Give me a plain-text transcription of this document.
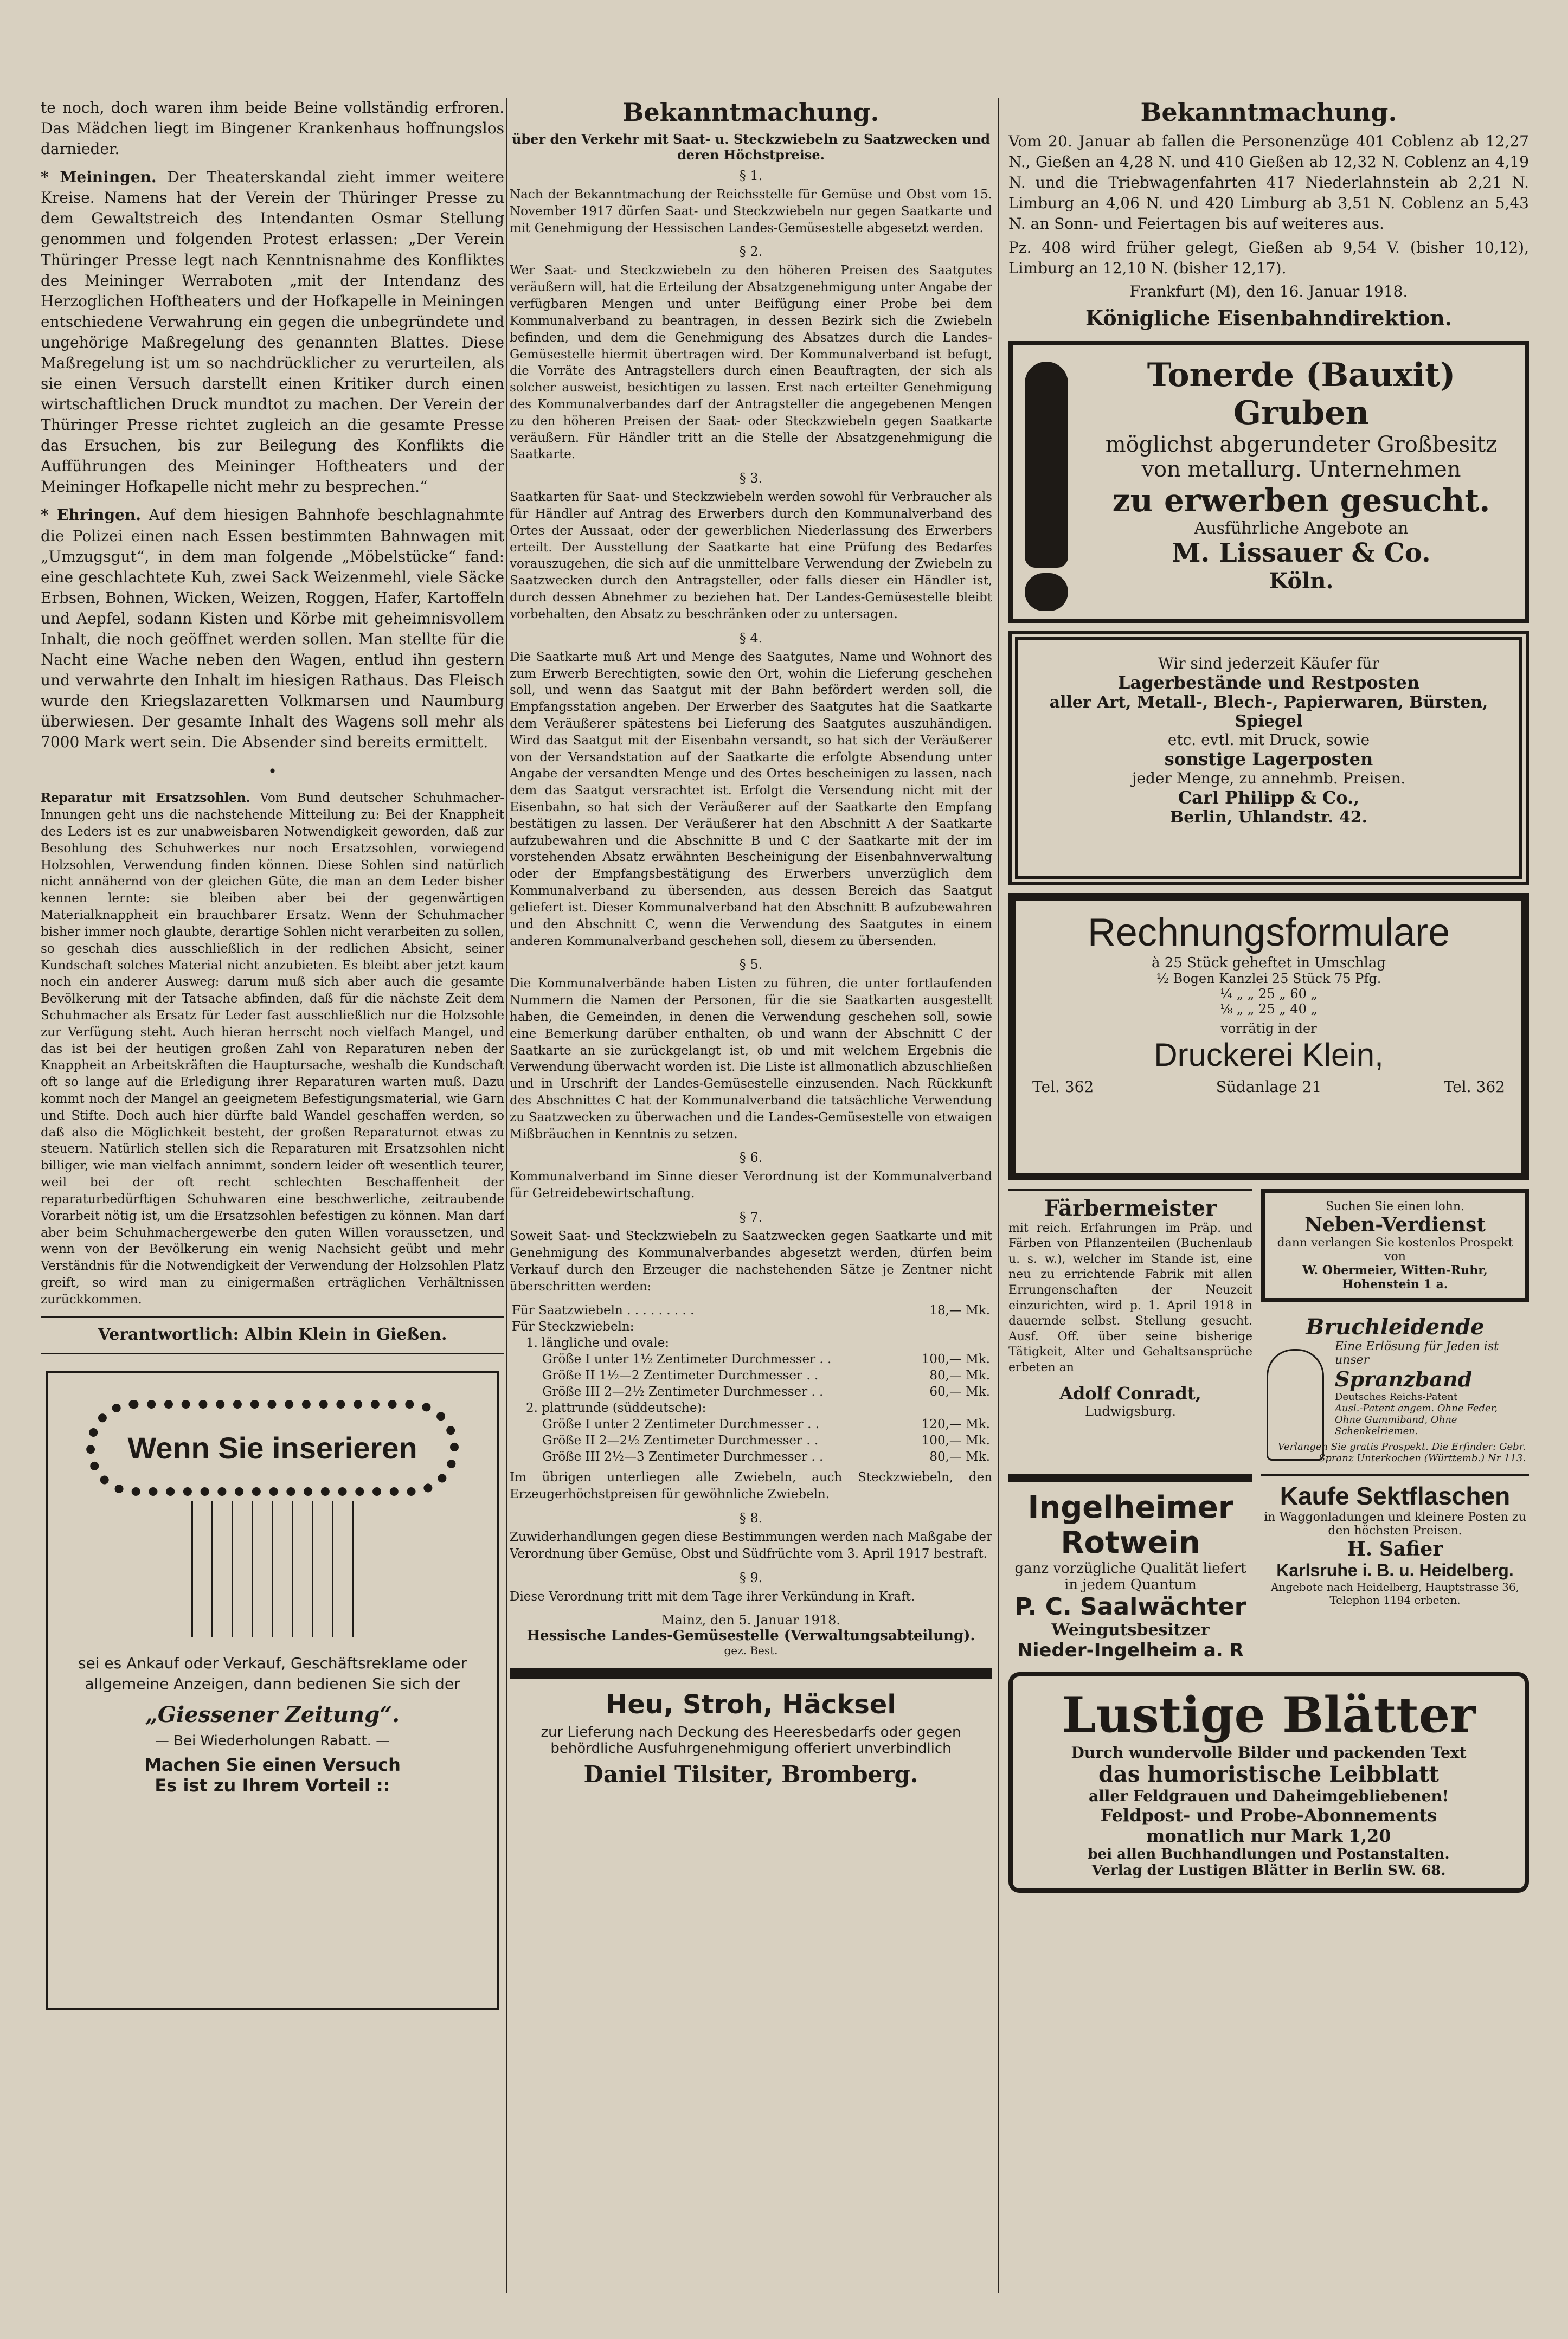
te noch, doch waren ihm beide Beine vollständig erfroren. Das Mädchen liegt im Bingener Krankenhaus hoffnungslos darnieder.

* Meiningen. Der Theaterskandal zieht immer weitere Kreise. Namens hat der Verein der Thüringer Presse zu dem Gewaltstreich des Intendanten Osmar Stellung genommen und folgenden Protest erlassen: „Der Verein Thüringer Presse legt nach Kenntnisnahme des Konfliktes des Meininger Werraboten „mit der Intendanz des Herzoglichen Hoftheaters und der Hofkapelle in Meiningen entschiedene Verwahrung ein gegen die unbegründete und ungehörige Maßregelung des genannten Blattes. Diese Maßregelung ist um so nachdrücklicher zu verurteilen, als sie einen Versuch darstellt einen Kritiker durch einen wirtschaftlichen Druck mundtot zu machen. Der Verein der Thüringer Presse richtet zugleich an die gesamte Presse das Ersuchen, bis zur Beilegung des Konflikts die Aufführungen des Meininger Hoftheaters und der Meininger Hofkapelle nicht mehr zu besprechen.“

* Ehringen. Auf dem hiesigen Bahnhofe beschlagnahmte die Polizei einen nach Essen bestimmten Bahnwagen mit „Umzugsgut“, in dem man folgende „Möbelstücke“ fand: eine geschlachtete Kuh, zwei Sack Weizenmehl, viele Säcke Erbsen, Bohnen, Wicken, Weizen, Roggen, Hafer, Kartoffeln und Aepfel, sodann Kisten und Körbe mit geheimnisvollem Inhalt, die noch geöffnet werden sollen. Man stellte für die Nacht eine Wache neben den Wagen, entlud ihn gestern und verwahrte den Inhalt im hiesigen Rathaus. Das Fleisch wurde den Kriegslazaretten Volkmarsen und Naumburg überwiesen. Der gesamte Inhalt des Wagens soll mehr als 7000 Mark wert sein. Die Absender sind bereits ermittelt.

•

Reparatur mit Ersatzsohlen. Vom Bund deutscher Schuhmacher-Innungen geht uns die nachstehende Mitteilung zu: Bei der Knappheit des Leders ist es zur unabweisbaren Notwendigkeit geworden, daß zur Besohlung des Schuhwerkes nur noch Ersatzsohlen, vorwiegend Holzsohlen, Verwendung finden können. Diese Sohlen sind natürlich nicht annähernd von der gleichen Güte, die man an dem Leder bisher kennen lernte: sie bleiben aber bei der gegenwärtigen Materialknappheit ein brauchbarer Ersatz. Wenn der Schuhmacher bisher immer noch glaubte, derartige Sohlen nicht verarbeiten zu sollen, so geschah dies ausschließlich in der redlichen Absicht, seiner Kundschaft solches Material nicht anzubieten. Es bleibt aber jetzt kaum noch ein anderer Ausweg: darum muß sich aber auch die gesamte Bevölkerung mit der Tatsache abfinden, daß für die nächste Zeit dem Schuhmacher als Ersatz für Leder fast ausschließlich nur die Holzsohle zur Verfügung steht. Auch hieran herrscht noch vielfach Mangel, und das ist bei der heutigen großen Zahl von Reparaturen neben der Knappheit an Arbeitskräften die Hauptursache, weshalb die Kundschaft oft so lange auf die Erledigung ihrer Reparaturen warten muß. Dazu kommt noch der Mangel an geeignetem Befestigungsmaterial, wie Garn und Stifte. Doch auch hier dürfte bald Wandel geschaffen werden, so daß also die Möglichkeit besteht, der großen Reparaturnot etwas zu steuern. Natürlich stellen sich die Reparaturen mit Ersatzsohlen nicht billiger, wie man vielfach annimmt, sondern leider oft wesentlich teurer, weil bei der oft recht schlechten Beschaffenheit der reparaturbedürftigen Schuhwaren eine beschwerliche, zeitraubende Vorarbeit nötig ist, um die Ersatzsohlen befestigen zu können. Man darf aber beim Schuhmachergewerbe den guten Willen voraussetzen, und wenn von der Bevölkerung ein wenig Nachsicht geübt und mehr Verständnis für die Notwendigkeit der Verwendung der Holzsohlen Platz greift, so wird man zu einigermaßen erträglichen Verhältnissen zurückkommen.

Verantwortlich: Albin Klein in Gießen.
Wenn Sie inserieren

sei es Ankauf oder Verkauf, Geschäftsreklame oder allgemeine Anzeigen, dann bedienen Sie sich der

„Giessener Zeitung“.
— Bei Wiederholungen Rabatt. —
Machen Sie einen Versuch
Es ist zu Ihrem Vorteil ::
Bekanntmachung.
über den Verkehr mit Saat- u. Steckzwiebeln zu Saatzwecken und deren Höchstpreise.
§ 1.

Nach der Bekanntmachung der Reichsstelle für Gemüse und Obst vom 15. November 1917 dürfen Saat- und Steckzwiebeln nur gegen Saatkarte und mit Genehmigung der Hessischen Landes-Gemüsestelle abgesetzt werden.

§ 2.

Wer Saat- und Steckzwiebeln zu den höheren Preisen des Saatgutes veräußern will, hat die Erteilung der Absatzgenehmigung unter Angabe der verfügbaren Mengen und unter Beifügung einer Probe bei dem Kommunalverband zu beantragen, in dessen Bezirk sich die Zwiebeln befinden, und dem die Genehmigung des Absatzes durch die Landes-Gemüsestelle hiermit übertragen wird. Der Kommunalverband ist befugt, die Vorräte des Antragstellers durch einen Beauftragten, der sich als solcher ausweist, besichtigen zu lassen. Erst nach erteilter Genehmigung des Kommunalverbandes darf der Antragsteller die angegebenen Mengen zu den höheren Preisen der Saat- oder Steckzwiebeln gegen Saatkarte veräußern. Für Händler tritt an die Stelle der Absatzgenehmigung die Saatkarte.

§ 3.

Saatkarten für Saat- und Steckzwiebeln werden sowohl für Verbraucher als für Händler auf Antrag des Erwerbers durch den Kommunalverband des Ortes der Aussaat, oder der gewerblichen Niederlassung des Erwerbers erteilt. Der Ausstellung der Saatkarte hat eine Prüfung des Bedarfes vorauszugehen, die sich auf die unmittelbare Verwendung der Zwiebeln zu Saatzwecken durch den Antragsteller, oder falls dieser ein Händler ist, durch dessen Abnehmer zu beziehen hat. Der Landes-Gemüsestelle bleibt vorbehalten, den Absatz zu beschränken oder zu untersagen.

§ 4.

Die Saatkarte muß Art und Menge des Saatgutes, Name und Wohnort des zum Erwerb Berechtigten, sowie den Ort, wohin die Lieferung geschehen soll, und wenn das Saatgut mit der Bahn befördert werden soll, die Empfangsstation angeben. Der Erwerber des Saatgutes hat die Saatkarte dem Veräußerer spätestens bei Lieferung des Saatgutes auszuhändigen. Wird das Saatgut mit der Eisenbahn versandt, so hat sich der Veräußerer von der Versandstation auf der Saatkarte die erfolgte Absendung unter Angabe der versandten Menge und des Ortes bescheinigen zu lassen, nach dem das Saatgut versrachtet ist. Erfolgt die Versendung nicht mit der Eisenbahn, so hat sich der Veräußerer auf der Saatkarte den Empfang bestätigen zu lassen. Der Veräußerer hat den Abschnitt A der Saatkarte aufzubewahren und die Abschnitte B und C der Saatkarte mit der im vorstehenden Absatz erwähnten Bescheinigung der Eisenbahnverwaltung oder der Empfangsbestätigung des Erwerbers unverzüglich dem Kommunalverband zu übersenden, aus dessen Bereich das Saatgut geliefert ist. Dieser Kommunalverband hat den Abschnitt B aufzubewahren und den Abschnitt C, wenn die Verwendung des Saatgutes in einem anderen Kommunalverband geschehen soll, diesem zu übersenden.

§ 5.

Die Kommunalverbände haben Listen zu führen, die unter fortlaufenden Nummern die Namen der Personen, für die sie Saatkarten ausgestellt haben, die Gemeinden, in denen die Verwendung geschehen soll, sowie eine Bemerkung darüber enthalten, ob und wann der Abschnitt C der Saatkarte an sie zurückgelangt ist, ob und mit welchem Ergebnis die Verwendung überwacht worden ist. Die Liste ist allmonatlich abzuschließen und in Urschrift der Landes-Gemüsestelle einzusenden. Nach Rückkunft des Abschnittes C hat der Kommunalverband die tatsächliche Verwendung zu Saatzwecken zu überwachen und die Landes-Gemüsestelle von etwaigen Mißbräuchen in Kenntnis zu setzen.

§ 6.

Kommunalverband im Sinne dieser Verordnung ist der Kommunalverband für Getreidebewirtschaftung.

§ 7.

Soweit Saat- und Steckzwiebeln zu Saatzwecken gegen Saatkarte und mit Genehmigung des Kommunalverbandes abgesetzt werden, dürfen beim Verkauf durch den Erzeuger die nachstehenden Sätze je Zentner nicht überschritten werden:

Für Saatzwiebeln . . . . . . . . .	18,— Mk.
Für Steckzwiebeln:	
1. längliche und ovale:	
Größe I unter 1½ Zentimeter Durchmesser . .	100,— Mk.
Größe II 1½—2 Zentimeter Durchmesser . .	80,— Mk.
Größe III 2—2½ Zentimeter Durchmesser . .	60,— Mk.
2. plattrunde (süddeutsche):	
Größe I unter 2 Zentimeter Durchmesser . .	120,— Mk.
Größe II 2—2½ Zentimeter Durchmesser . .	100,— Mk.
Größe III 2½—3 Zentimeter Durchmesser . .	80,— Mk.

Im übrigen unterliegen alle Zwiebeln, auch Steckzwiebeln, den Erzeugerhöchstpreisen für gewöhnliche Zwiebeln.

§ 8.

Zuwiderhandlungen gegen diese Bestimmungen werden nach Maßgabe der Verordnung über Gemüse, Obst und Südfrüchte vom 3. April 1917 bestraft.

§ 9.

Diese Verordnung tritt mit dem Tage ihrer Verkündung in Kraft.

Mainz, den 5. Januar 1918.
Hessische Landes-Gemüsestelle (Verwaltungsabteilung).
gez. Best.
Heu, Stroh, Häcksel
zur Lieferung nach Deckung des Heeresbedarfs oder gegen behördliche Ausfuhrgenehmigung offeriert unverbindlich
Daniel Tilsiter, Bromberg.
Bekanntmachung.

Vom 20. Januar ab fallen die Personenzüge 401 Coblenz ab 12,27 N., Gießen an 4,28 N. und 410 Gießen ab 12,32 N. Coblenz an 4,19 N. und die Triebwagenfahrten 417 Niederlahnstein ab 2,21 N. Limburg an 4,06 N. und 420 Limburg ab 3,51 N. Coblenz an 5,43 N. an Sonn- und Feiertagen bis auf weiteres aus.

Pz. 408 wird früher gelegt, Gießen ab 9,54 V. (bisher 10,12), Limburg an 12,10 N. (bisher 12,17).

Frankfurt (M), den 16. Januar 1918.
Königliche Eisenbahndirektion.
Tonerde (Bauxit) Gruben
möglichst abgerundeter Großbesitz
von metallurg. Unternehmen
zu erwerben gesucht.
Ausführliche Angebote an
M. Lissauer & Co.
Köln.
Wir sind jederzeit Käufer für
Lagerbestände und Restposten
aller Art, Metall-, Blech-, Papierwaren, Bürsten, Spiegel
etc. evtl. mit Druck, sowie
sonstige Lagerposten
jeder Menge, zu annehmb. Preisen.
Carl Philipp & Co.,
Berlin, Uhlandstr. 42.
Rechnungsformulare
à 25 Stück geheftet in Umschlag
½ Bogen Kanzlei 25 Stück 75 Pfg.
¼ „ „ 25 „ 60 „
⅛ „ „ 25 „ 40 „
vorrätig in der
Druckerei Klein,
Tel. 362	Südanlage 21	Tel. 362
Färbermeister

mit reich. Erfahrungen im Präp. und Färben von Pflanzenteilen (Buchenlaub u. s. w.), welcher im Stande ist, eine neu zu errichtende Fabrik mit allen Errungenschaften der Neuzeit einzurichten, wird p. 1. April 1918 in dauernde selbst. Stellung gesucht. Ausf. Off. über seine bisherige Tätigkeit, Alter und Gehaltsansprüche erbeten an

Adolf Conradt,
Ludwigsburg.
Suchen Sie einen lohn.
Neben-Verdienst
dann verlangen Sie kostenlos Prospekt von
W. Obermeier, Witten-Ruhr, Hohenstein 1 a.
Bruchleidende
Eine Erlösung für Jeden ist unser
Spranzband
Deutsches Reichs-Patent
Ausl.-Patent angem. Ohne Feder, Ohne Gummiband, Ohne Schenkelriemen.
Verlangen Sie gratis Prospekt. Die Erfinder: Gebr. Spranz Unterkochen (Württemb.) Nr 113.
Ingelheimer
Rotwein
ganz vorzügliche Qualität liefert in jedem Quantum
P. C. Saalwächter
Weingutsbesitzer
Nieder-Ingelheim a. R
Kaufe Sektflaschen
in Waggonladungen und kleinere Posten zu den höchsten Preisen.
H. Safier
Karlsruhe i. B. u. Heidelberg.
Angebote nach Heidelberg, Hauptstrasse 36, Telephon 1194 erbeten.
Lustige Blätter
Durch wundervolle Bilder und packenden Text
das humoristische Leibblatt
aller Feldgrauen und Daheimgebliebenen!
Feldpost- und Probe-Abonnements
monatlich nur Mark 1,20
bei allen Buchhandlungen und Postanstalten.
Verlag der Lustigen Blätter in Berlin SW. 68.
